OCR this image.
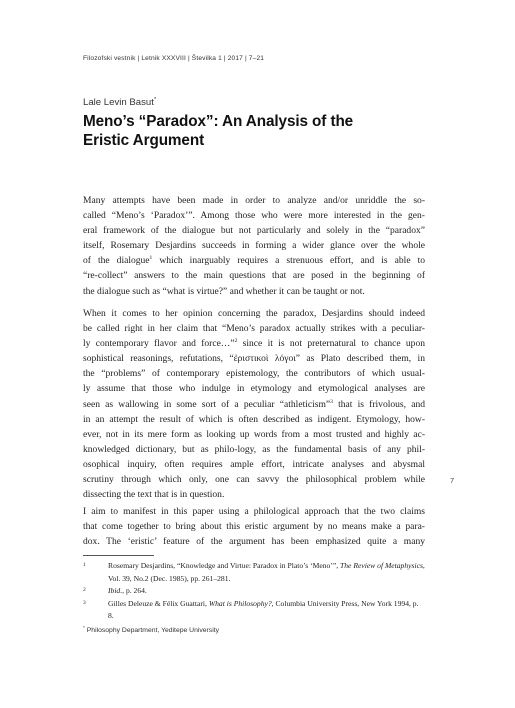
Filozofski vestnik | Letnik XXXVIII | Številka 1 | 2017 | 7–21
Lale Levin Basut*
Meno’s “Paradox”: An Analysis of the
Eristic Argument
Many attempts have been made in order to analyze and/or unriddle the so-
called “Meno’s ‘Paradox’”. Among those who were more interested in the gen-
eral framework of the dialogue but not particularly and solely in the “paradox”
itself, Rosemary Desjardins succeeds in forming a wider glance over the whole
of the dialogue$^1$ which inarguably requires a strenuous effort, and is able to
“re-collect” answers to the main questions that are posed in the beginning of
the dialogue such as “what is virtue?” and whether it can be taught or not.
When it comes to her opinion concerning the paradox, Desjardins should indeed
be called right in her claim that “Meno’s paradox actually strikes with a peculiar-
ly contemporary flavor and force…”$^2$ since it is not preternatural to chance upon
sophistical reasonings, refutations, “ἐριστικοὶ λόγοι” as Plato described them, in
the “problems” of contemporary epistemology, the contributors of which usual-
ly assume that those who indulge in etymology and etymological analyses are
seen as wallowing in some sort of a peculiar “athleticism”$^3$ that is frivolous, and
in an attempt the result of which is often described as indigent. Etymology, how-
ever, not in its mere form as looking up words from a most trusted and highly ac-
knowledged dictionary, but as philo-logy, as the fundamental basis of any phil-
osophical inquiry, often requires ample effort, intricate analyses and abysmal
scrutiny through which only, one can savvy the philosophical problem while
dissecting the text that is in question.
I aim to manifest in this paper using a philological approach that the two claims
that come together to bring about this eristic argument by no means make a para-
dox. The ‘eristic’ feature of the argument has been emphasized quite a many
7
1	Rosemary Desjardins, “Knowledge and Virtue: Paradox in Plato’s ‘Meno’”, The Review of Metaphysics, Vol. 39, No.2 (Dec. 1985), pp. 261–281.
2	Ibid., p. 264.
3	Gilles Deleuze & Félix Guattari, What is Philosophy?, Columbia University Press, New York 1994, p. 8.
* Philosophy Department, Yeditepe University
